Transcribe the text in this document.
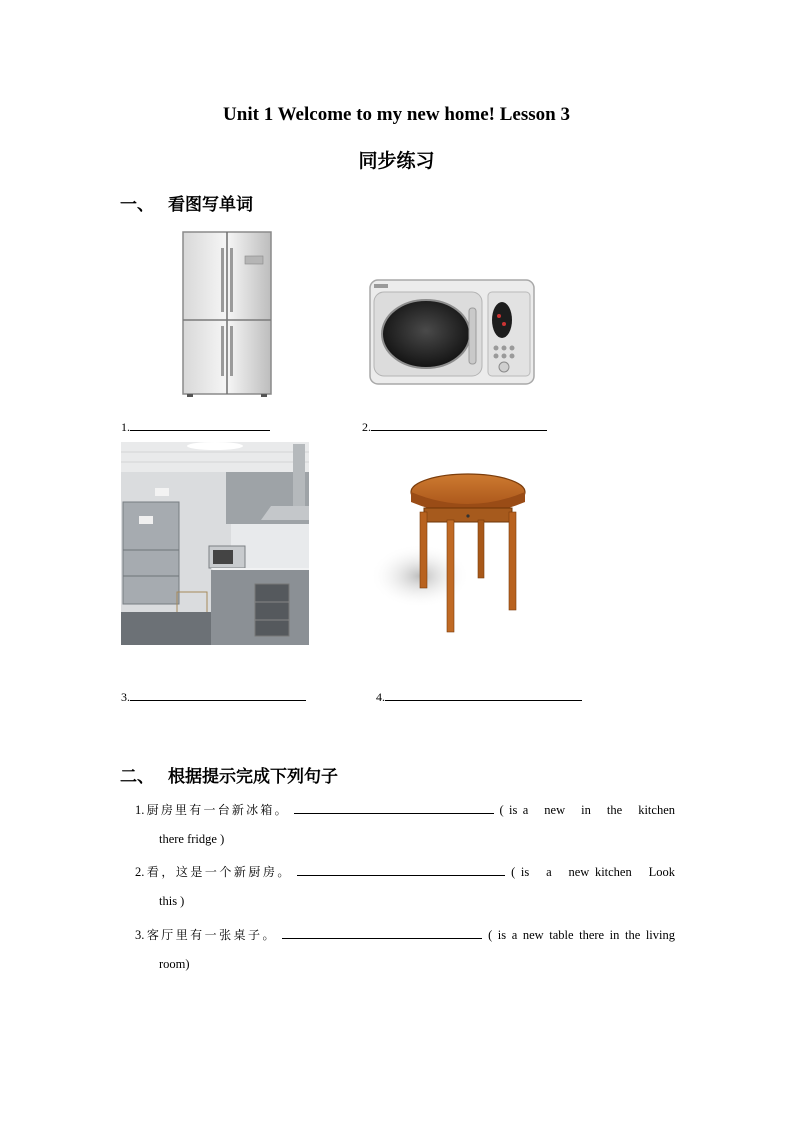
Unit 1 Welcome to my new home! Lesson 3
同步练习
一、 看图写单词
1.	2.
3.	4.
二、 根据提示完成下列句子
1.厨房里有一台新冰箱。	( is a   new   in   the   kitchen
there fridge )
2.看，这是一个新厨房。	( is   a   new kitchen   Look
this )
3.客厅里有一张桌子。	( is a new table there in the living
room)
